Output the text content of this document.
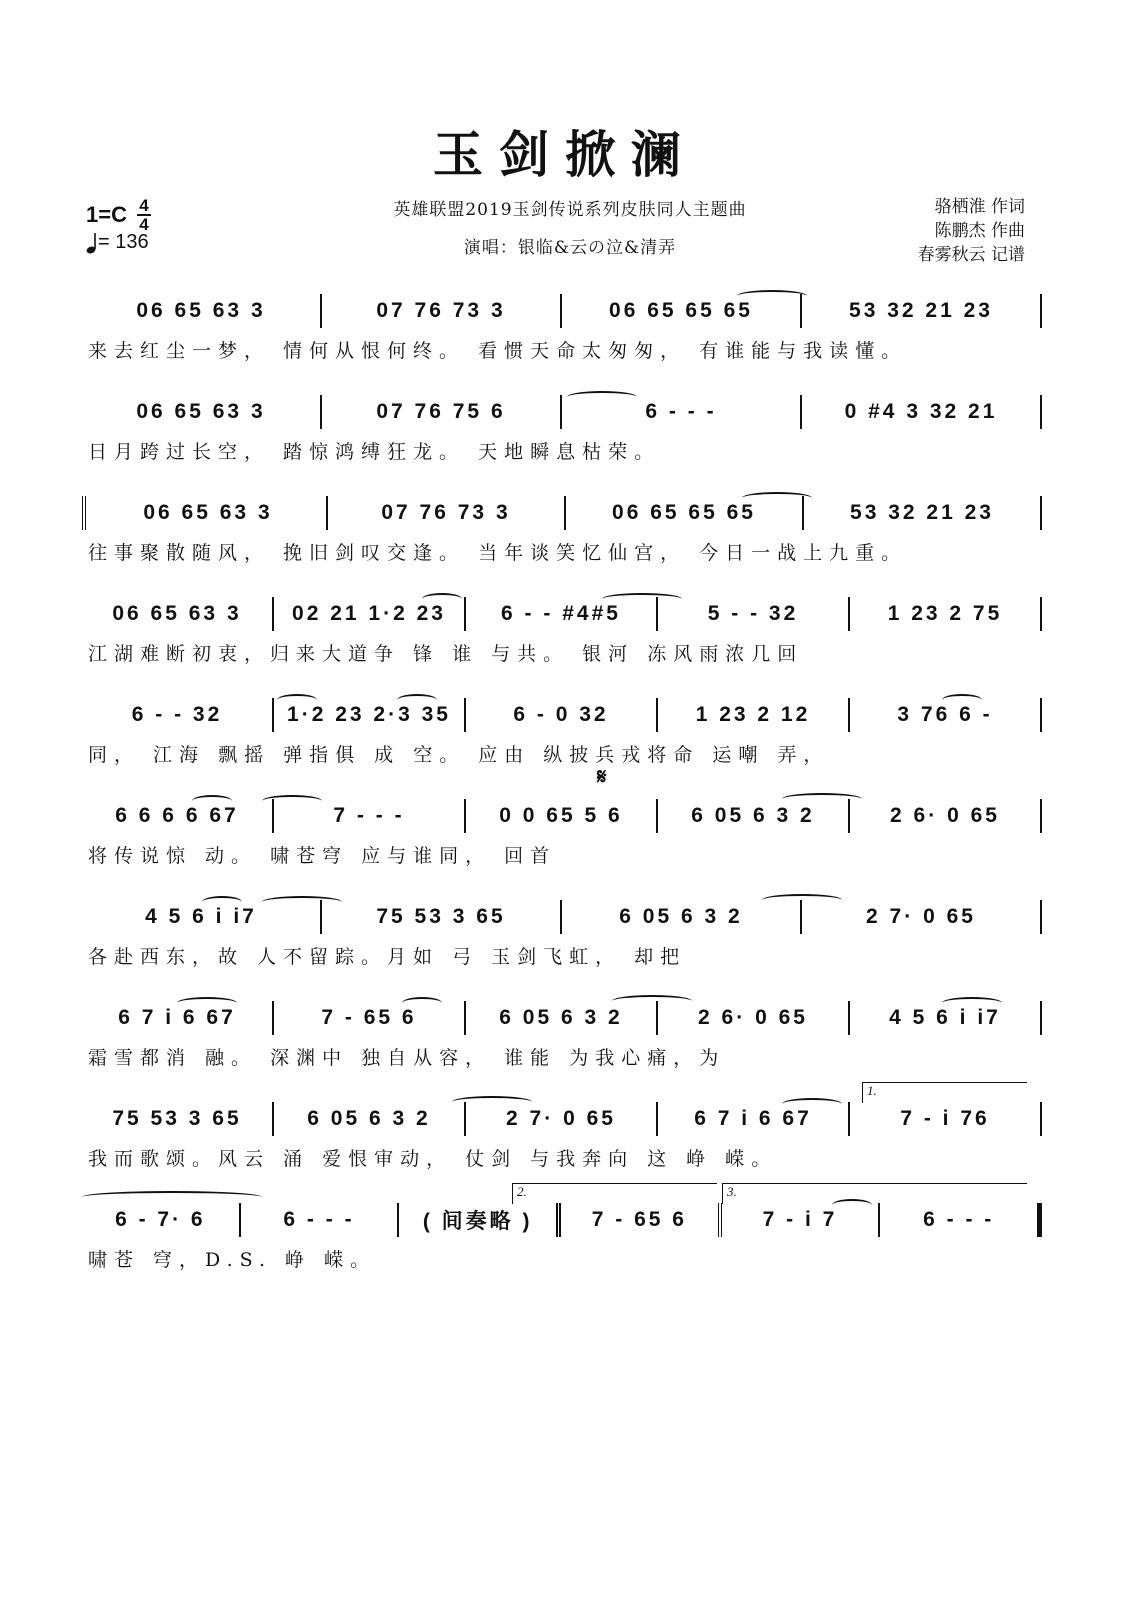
玉剑掀澜
1=C 4
4
= 136
英雄联盟2019玉剑传说系列皮肤同人主题曲
演唱：银临&云の泣&清弄
骆栖淮 作词
陈鹏杰 作曲
春雾秋云 记谱
06 65 63 3	07 76 73 3	06 65 65 65	53 32 21 23
来去红尘一梦， 情何从恨何终。 看惯天命太匆匆， 有谁能与我读懂。
06 65 63 3	07 76 75 6	6 - - -	0 #4 3 32 21
日月跨过长空， 踏惊鸿缚狂龙。 天地瞬息枯荣。
06 65 63 3	07 76 73 3	06 65 65 65	53 32 21 23
往事聚散随风， 挽旧剑叹交逢。 当年谈笑忆仙宫， 今日一战上九重。
06 65 63 3	02 21 1·2 23	6 - - #4#5	5 - - 32	1 23 2 75
江湖难断初衷，归来大道争 锋 谁 与共。 银河 冻风雨浓几回
6 - - 32	1·2 23 2·3 35	6 - 0 32	1 23 2 12	3 76 6 -
同， 江海 飘摇 弹指俱 成 空。 应由 纵披兵戎将命 运嘲 弄，
𝄋
6 6 6 6 67	7 - - -	0 0 65 5 6	6 05 6 3 2	2 6· 0 65
将传说惊 动。 啸苍穹 应与谁同， 回首
4 5 6 i i7	75 53 3 65	6 05 6 3 2	2 7· 0 65
各赴西东，故 人不留踪。月如 弓 玉剑飞虹， 却把
6 7 i 6 67	7 - 65 6	6 05 6 3 2	2 6· 0 65	4 5 6 i i7
霜雪都消 融。 深渊中 独自从容， 谁能 为我心痛，为
1.
75 53 3 65	6 05 6 3 2	2 7· 0 65	6 7 i 6 67	7 - i 76
我而歌颂。风云 涌 爱恨审动， 仗剑 与我奔向 这 峥 嵘。
2.	3.
6 - 7· 6	6 - - -	( 间奏略 )	7 - 65 6	7 - i 7	6 - - -
啸苍 穹，D.S. 峥 嵘。
